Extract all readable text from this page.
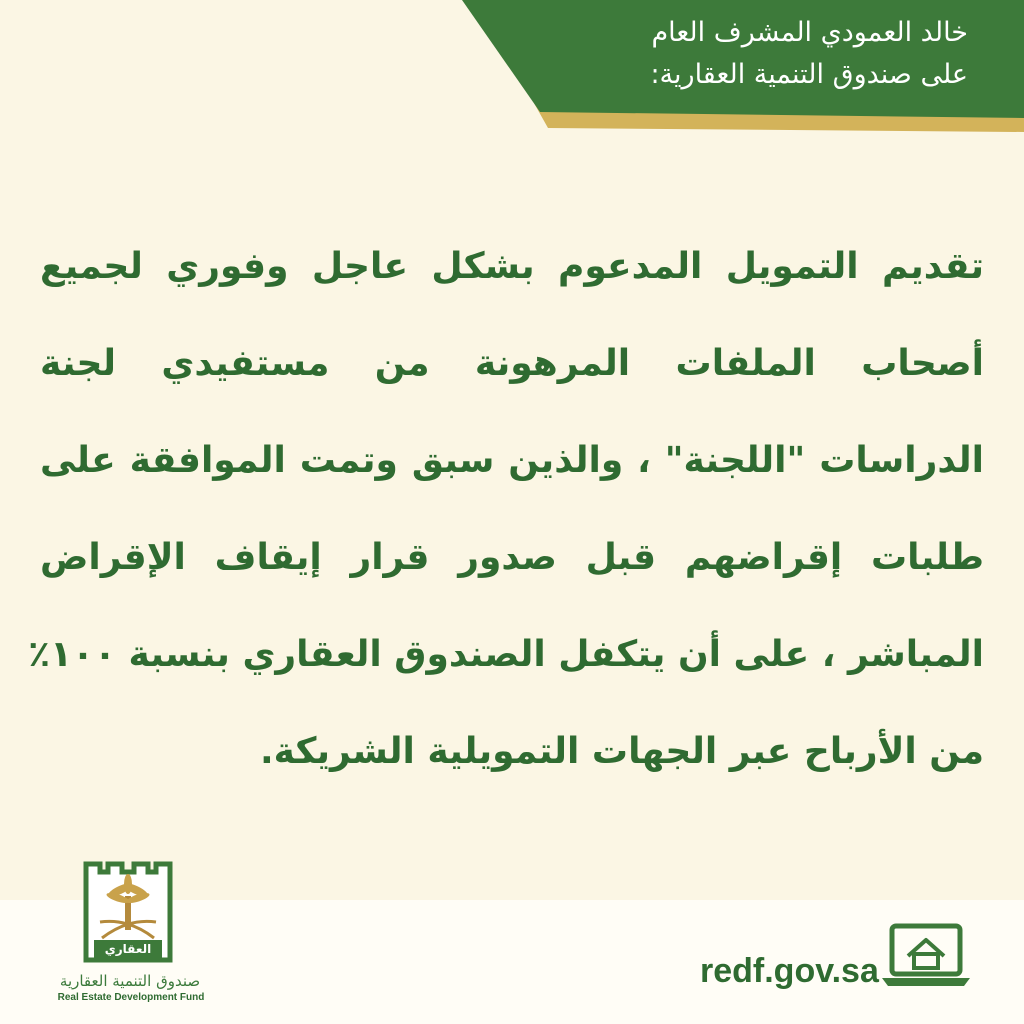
خالد العمودي المشرف العام
على صندوق التنمية العقارية:
تقديم التمويل المدعوم بشكل عاجل وفوري لجميع
أصحاب الملفات المرهونة من مستفيدي لجنة
الدراسات "اللجنة" ، والذين سبق وتمت الموافقة على
طلبات إقراضهم قبل صدور قرار إيقاف الإقراض
المباشر ، على أن يتكفل الصندوق العقاري بنسبة ١٠٠٪
من الأرباح عبر الجهات التمويلية الشريكة.
العقاري
صندوق التنمية العقارية
Real Estate Development Fund
redf.gov.sa
